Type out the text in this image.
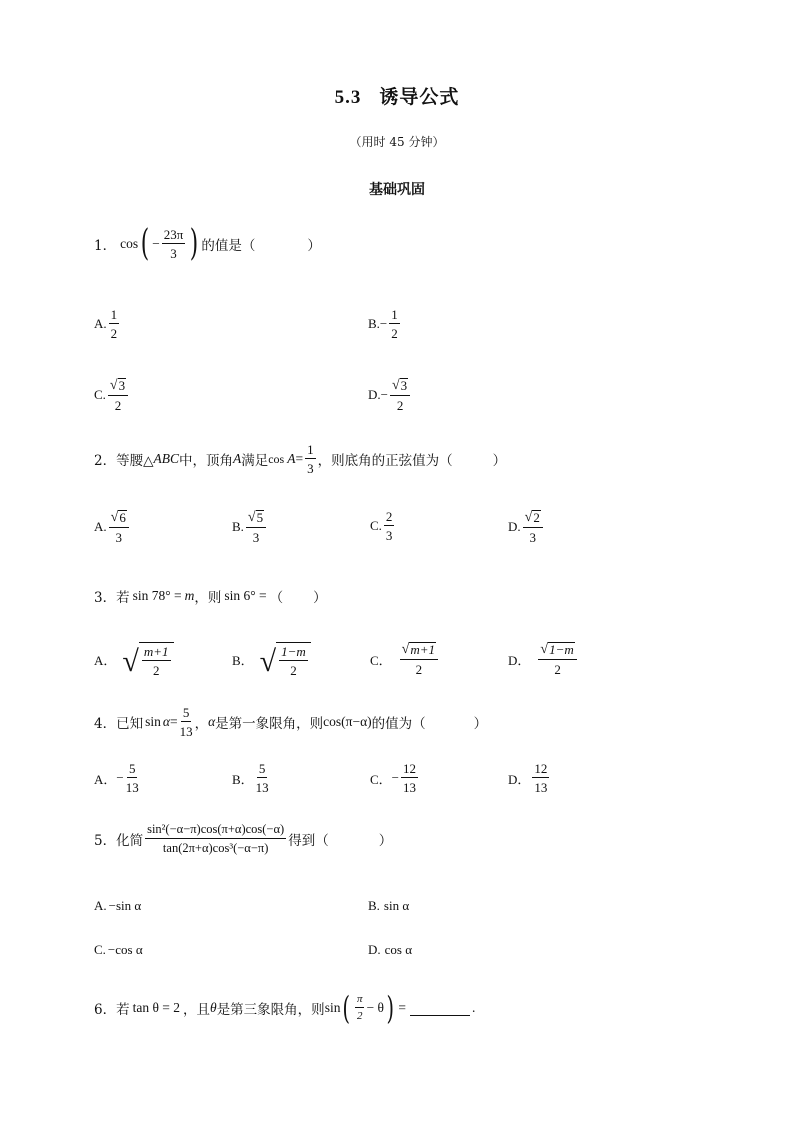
5.3 诱导公式
（用时 45 分钟）
基础巩固
1． cos ( − $\frac{23\pi}{3}$ ) 的值是（	）
A. $\frac{1}{2}$	B. − $\frac{1}{2}$
C. $\frac{√ 3}{2}$	D. − $\frac{√ 3}{2}$
2． 等腰△ ABC 中，顶角 A 满足 $\cos A = \frac{1}{3}$ ，则底角的正弦值为（	）
A. $\frac{√ 6}{3}$	B. $\frac{√ 5}{3}$	C. $\frac{2}{3}$	D. $\frac{√ 2}{3}$
3． 若 sin 78° = m ，则 sin 6° = （ ）
A． √ $\frac{m+1}{2}$	B． √ $\frac{1-m}{2}$	C． $\frac{√ m+1}{2}$	D． $\frac{√ 1-m}{2}$
4． 已知 $\sin \alpha = \frac{5}{13}$ ， α 是第一象限角，则 cos(π−α) 的值为（	）
A． − $\frac{5}{13}$	B． $\frac{5}{13}$	C． − $\frac{12}{13}$	D． $\frac{12}{13}$
5． 化简 $\frac{\text{sin²(−α−π)cos(π+α)cos(−α)}}{\text{tan(2π+α)cos³(−α−π)}}$ 得到（	）
A. −sin α	B. sin α
C. −cos α	D. cos α
6． 若 tan θ = 2 ，且 θ 是第三象限角，则 sin ( $\frac{\pi}{2} - \theta$ ) =	.
